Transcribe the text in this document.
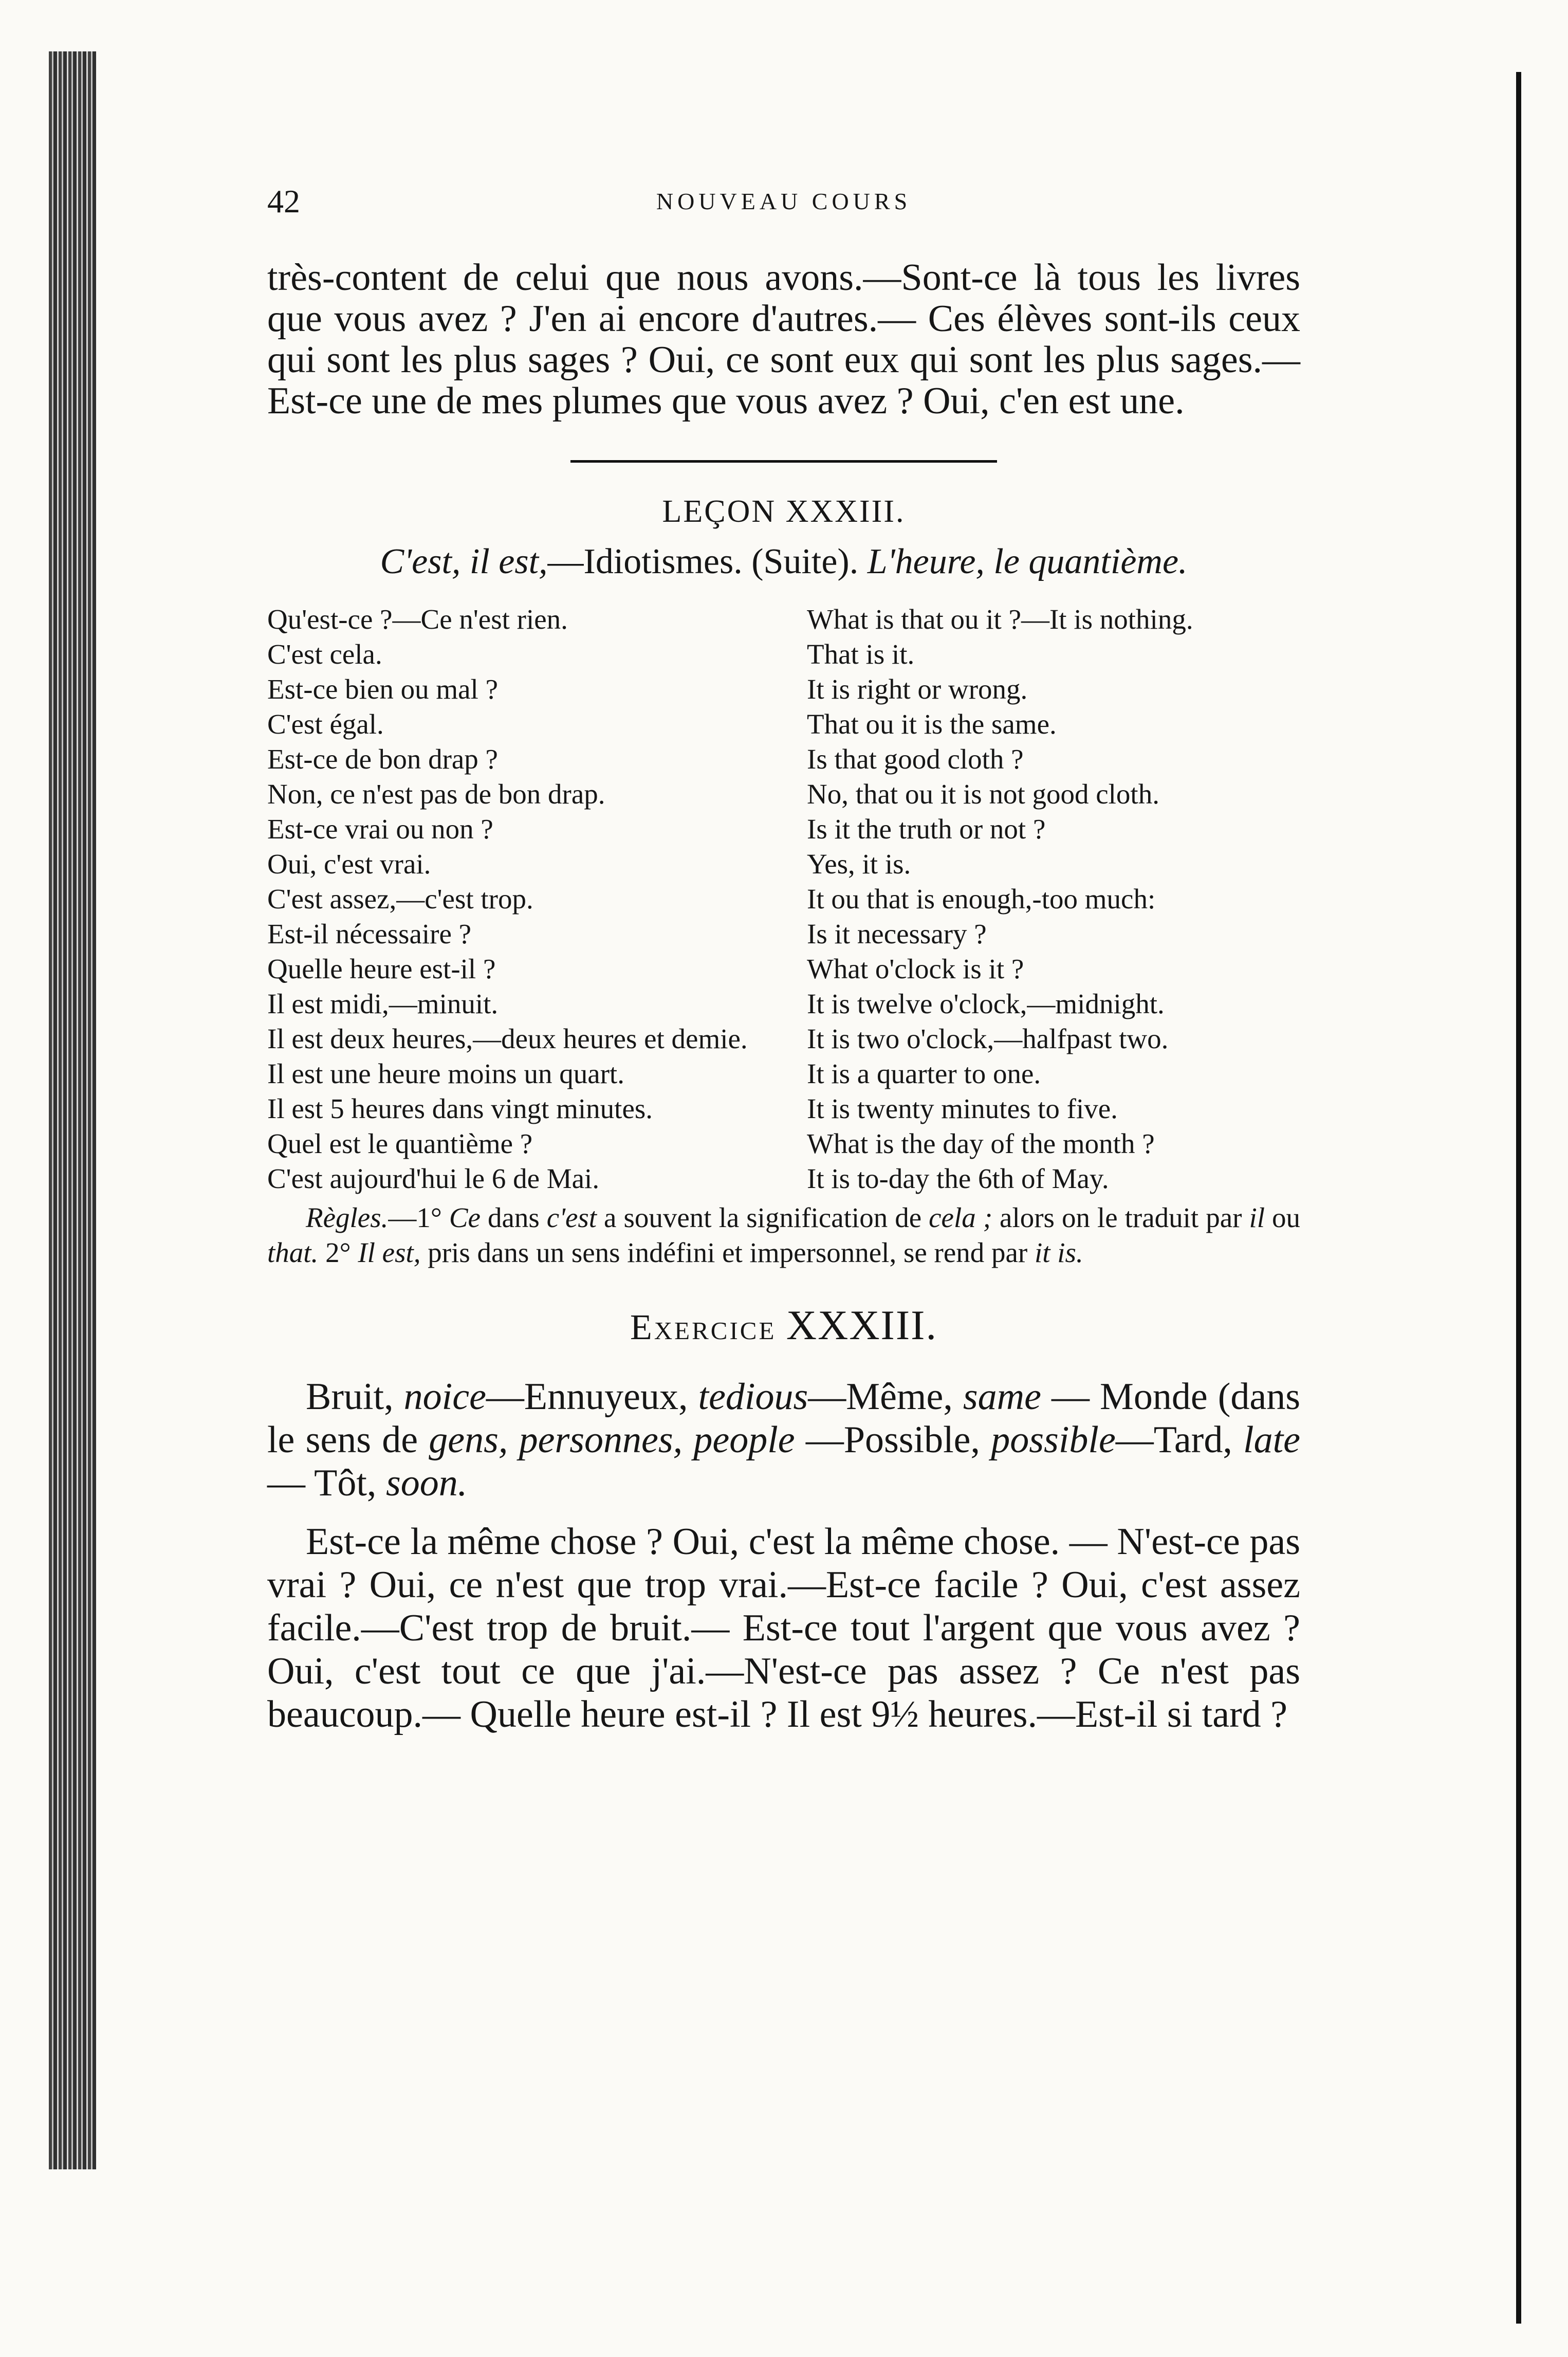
42	NOUVEAU COURS

très-content de celui que nous avons.—Sont-ce là tous les livres que vous avez ? J'en ai encore d'autres.— Ces élèves sont-ils ceux qui sont les plus sages ? Oui, ce sont eux qui sont les plus sages.—Est-ce une de mes plumes que vous avez ? Oui, c'en est une.

LEÇON XXXIII.
C'est, il est,—Idiotismes. (Suite). L'heure, le quantième.
Qu'est-ce ?—Ce n'est rien.	What is that ou it ?—It is nothing.
C'est cela.	That is it.
Est-ce bien ou mal ?	It is right or wrong.
C'est égal.	That ou it is the same.
Est-ce de bon drap ?	Is that good cloth ?
Non, ce n'est pas de bon drap.	No, that ou it is not good cloth.
Est-ce vrai ou non ?	Is it the truth or not ?
Oui, c'est vrai.	Yes, it is.
C'est assez,—c'est trop.	It ou that is enough,-too much:
Est-il nécessaire ?	Is it necessary ?
Quelle heure est-il ?	What o'clock is it ?
Il est midi,—minuit.	It is twelve o'clock,—midnight.
Il est deux heures,—deux heures et demie.	It is two o'clock,—halfpast two.
Il est une heure moins un quart.	It is a quarter to one.
Il est 5 heures dans vingt minutes.	It is twenty minutes to five.
Quel est le quantième ?	What is the day of the month ?
C'est aujourd'hui le 6 de Mai.	It is to-day the 6th of May.

Règles.—1° Ce dans c'est a souvent la signification de cela ; alors on le traduit par il ou that. 2° Il est, pris dans un sens indéfini et impersonnel, se rend par it is.

Exercice XXXIII.

Bruit, noice—Ennuyeux, tedious—Même, same — Monde (dans le sens de gens, personnes, people —Possible, possible—Tard, late— Tôt, soon.

Est-ce la même chose ? Oui, c'est la même chose. — N'est-ce pas vrai ? Oui, ce n'est que trop vrai.—Est-ce facile ? Oui, c'est assez facile.—C'est trop de bruit.— Est-ce tout l'argent que vous avez ? Oui, c'est tout ce que j'ai.—N'est-ce pas assez ? Ce n'est pas beaucoup.— Quelle heure est-il ? Il est 9½ heures.—Est-il si tard ?
